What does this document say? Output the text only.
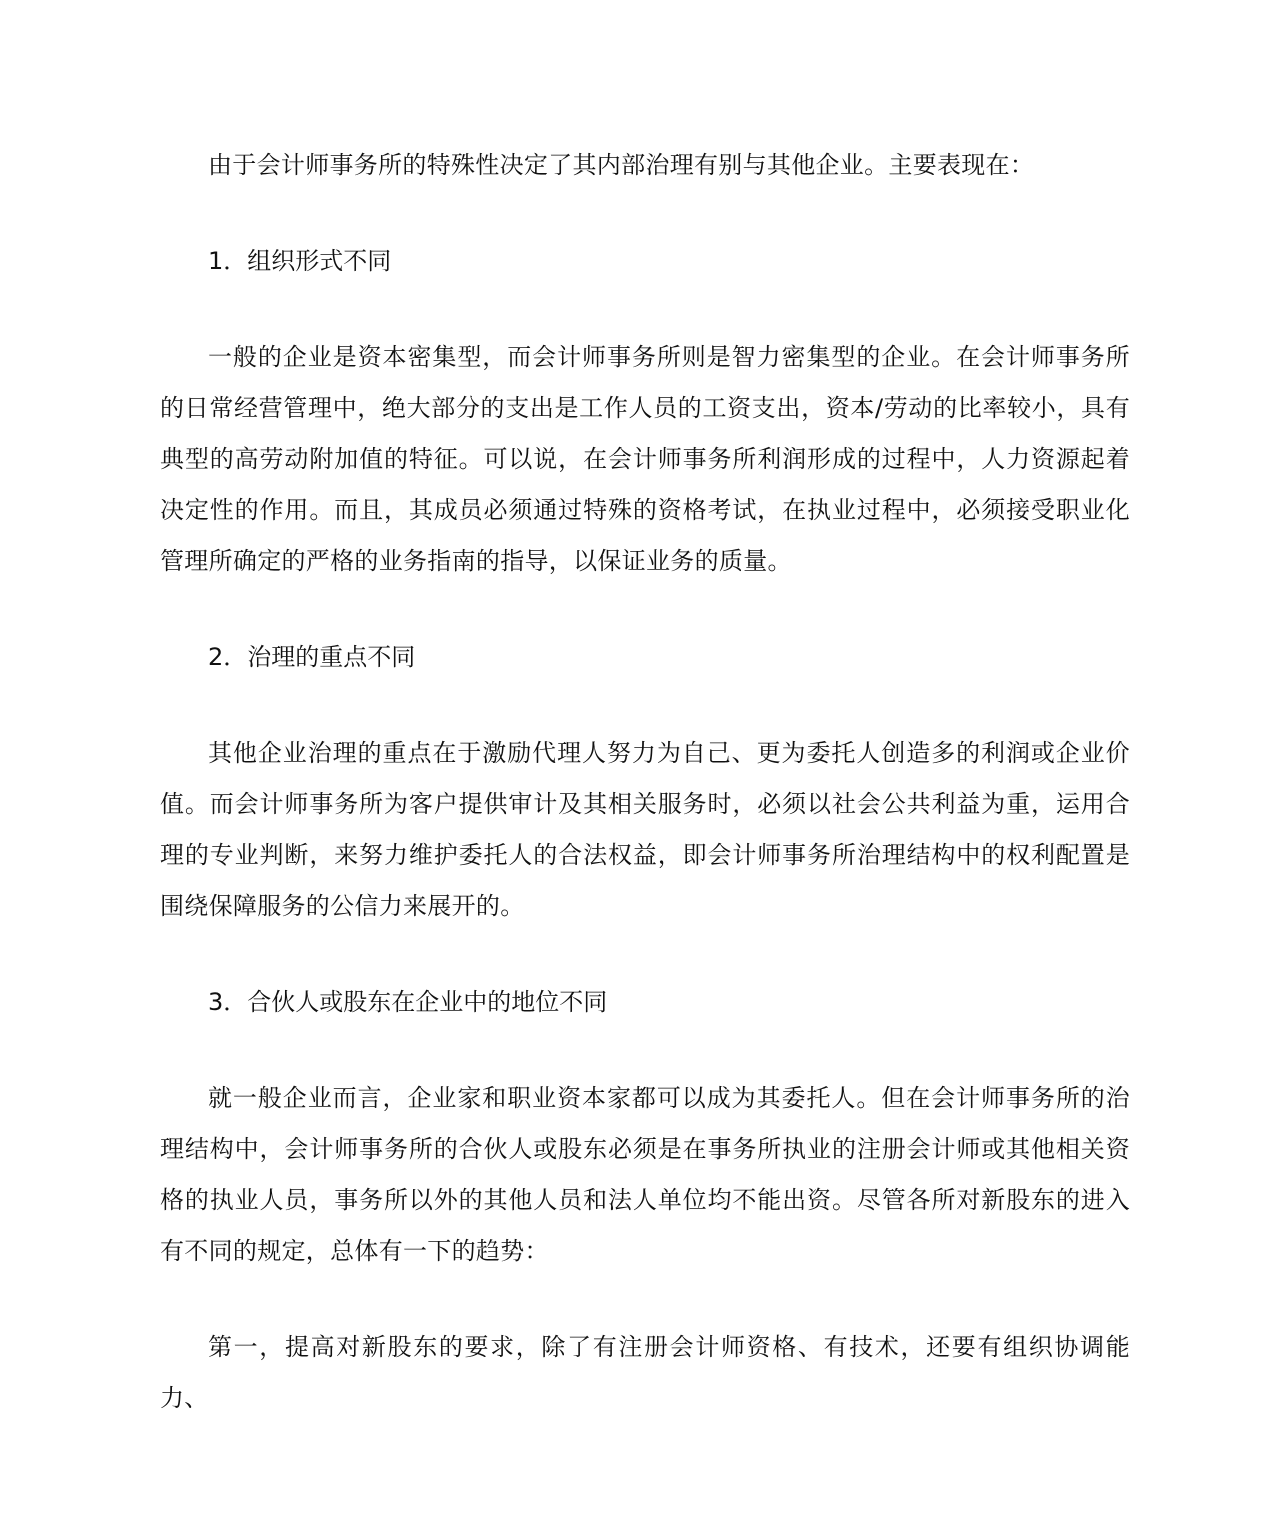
由于会计师事务所的特殊性决定了其内部治理有别与其他企业。主要表现在：

1．组织形式不同

一般的企业是资本密集型，而会计师事务所则是智力密集型的企业。在会计师事务所的日常经营管理中，绝大部分的支出是工作人员的工资支出，资本/劳动的比率较小，具有典型的高劳动附加值的特征。可以说，在会计师事务所利润形成的过程中，人力资源起着决定性的作用。而且，其成员必须通过特殊的资格考试，在执业过程中，必须接受职业化管理所确定的严格的业务指南的指导，以保证业务的质量。

2．治理的重点不同

其他企业治理的重点在于激励代理人努力为自己、更为委托人创造多的利润或企业价值。而会计师事务所为客户提供审计及其相关服务时，必须以社会公共利益为重，运用合理的专业判断，来努力维护委托人的合法权益，即会计师事务所治理结构中的权利配置是围绕保障服务的公信力来展开的。

3．合伙人或股东在企业中的地位不同

就一般企业而言，企业家和职业资本家都可以成为其委托人。但在会计师事务所的治理结构中，会计师事务所的合伙人或股东必须是在事务所执业的注册会计师或其他相关资格的执业人员，事务所以外的其他人员和法人单位均不能出资。尽管各所对新股东的进入有不同的规定，总体有一下的趋势：

第一，提高对新股东的要求，除了有注册会计师资格、有技术，还要有组织协调能力、
